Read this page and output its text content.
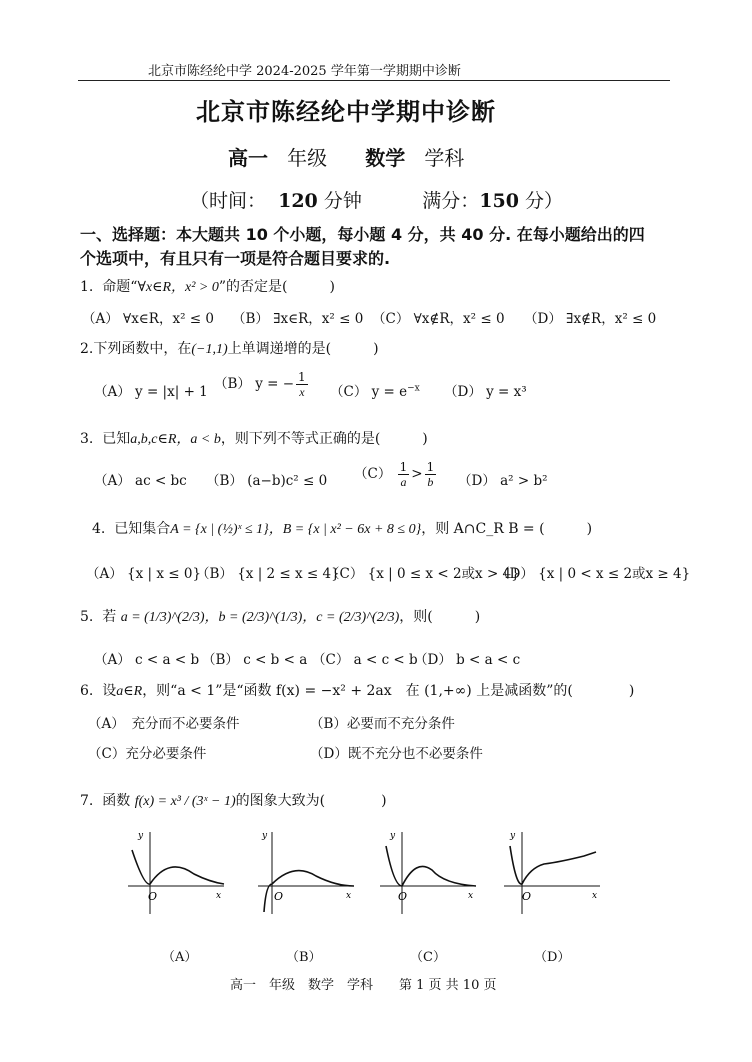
北京市陈经纶中学 2024-2025 学年第一学期期中诊断
北京市陈经纶中学期中诊断
高一 年级 数学 学科
（时间： 120 分钟	满分：150 分）
一、选择题：本大题共 10 个小题，每小题 4 分，共 40 分. 在每小题给出的四
个选项中，有且只有一项是符合题目要求的.
1. 命题“∀x∈R，x² > 0”的否定是(　　　)
（A） ∀x∈R，x² ≤ 0 （B） ∃x∈R，x² ≤ 0 （C） ∀x∉R，x² ≤ 0 （D） ∃x∉R，x² ≤ 0
2.下列函数中，在(−1,1)上单调递增的是(　　　)
（A） y = |x| + 1 （B） y = − $\frac{1}{x} (C) y = e^{-x}$ （D） y = x³
3. 已知a,b,c∈R，a < b，则下列不等式正确的是(　　　)
（A） ac < bc （B） (a−b)c² ≤ 0 $(C) \frac{1}{a} > \frac{1}{b} (D) a^2 > b^2$
4. 已知集合A = {x | (½)ˣ ≤ 1}，B = {x | x² − 6x + 8 ≤ 0}，则 A∩C_R B = (　　　)
（A） {x | x ≤ 0}
（B） {x | 2 ≤ x ≤ 4}
（C） {x | 0 ≤ x < 2或x > 4}
（D） {x | 0 < x ≤ 2或x ≥ 4}
5. 若 a = (1/3)^(2/3)，b = (2/3)^(1/3)，c = (2/3)^(2/3)，则(　　　)
（A） c < a < b （B） c < b < a （C） a < c < b
（D） b < a < c
6. 设a∈R，则“a < 1”是“函数 f(x) = −x² + 2ax　在 (1,+∞) 上是减函数”的(　　　　)
（A）　充分而不必要条件	（B）必要而不充分条件
（C）充分必要条件	（D）既不充分也不必要条件
7. 函数 f(x) = x³ / (3ˣ − 1)的图象大致为(　　　　)
y
x
O
y
x
O
y
x
O
y
x
O
（A）	（B）	（C）	（D）
高一　年级　数学　学科　　第 1 页 共 10 页
